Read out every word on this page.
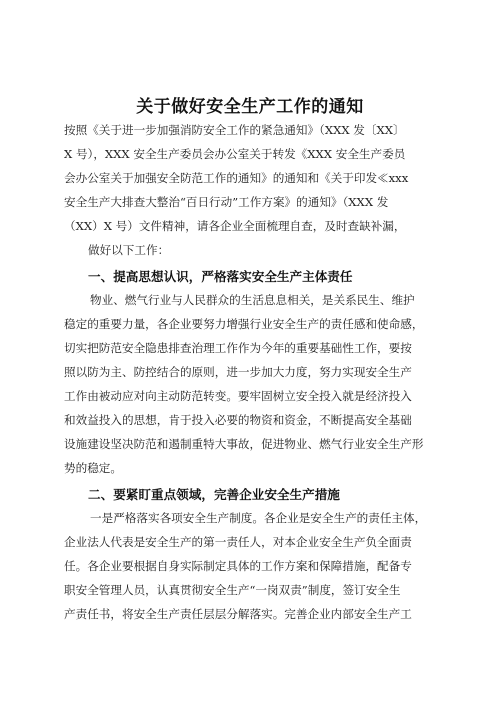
关于做好安全生产工作的通知
按照《关于进一步加强消防安全工作的紧急通知》（XXX 发〔XX〕
X 号），XXX 安全生产委员会办公室关于转发《XXX 安全生产委员
会办公室关于加强安全防范工作的通知》的通知和《关于印发≪xxx
安全生产大排查大整治“百日行动”工作方案》的通知》（XXX 发
（XX）X 号）文件精神，请各企业全面梳理自查，及时查缺补漏，
做好以下工作：
一、提高思想认识，严格落实安全生产主体责任
物业、燃气行业与人民群众的生活息息相关，是关系民生、维护
稳定的重要力量，各企业要努力增强行业安全生产的责任感和使命感，
切实把防范安全隐患排查治理工作作为今年的重要基础性工作，要按
照以防为主、防控结合的原则，进一步加大力度，努力实现安全生产
工作由被动应对向主动防范转变。要牢固树立安全投入就是经济投入
和效益投入的思想，肯于投入必要的物资和资金，不断提高安全基础
设施建设坚决防范和遏制重特大事故，促进物业、燃气行业安全生产形
势的稳定。
二、要紧盯重点领域，完善企业安全生产措施
一是严格落实各项安全生产制度。各企业是安全生产的责任主体，
企业法人代表是安全生产的第一责任人，对本企业安全生产负全面责
任。各企业要根据自身实际制定具体的工作方案和保障措施，配备专
职安全管理人员，认真贯彻安全生产“一岗双责”制度，签订安全生
产责任书，将安全生产责任层层分解落实。完善企业内部安全生产工
